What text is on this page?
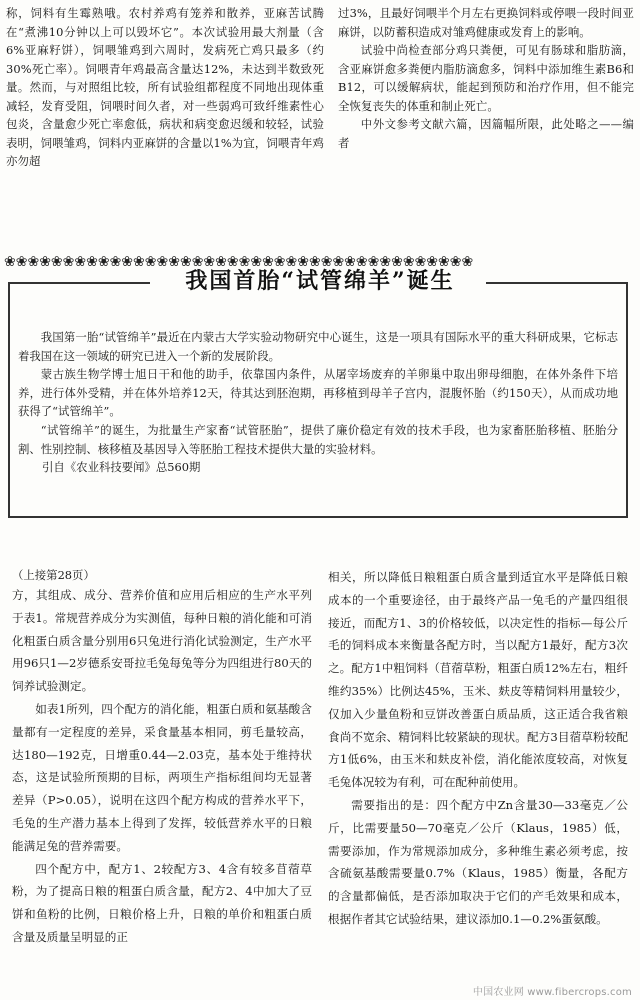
称，饲料有生霉熟哦。农村养鸡有笼养和散养，亚麻苦试腾在“煮沸10分钟以上可以毁坏它”。本次试验用最大剂量（含6%亚麻籽饼），饲喂雏鸡到六周时，发病死亡鸡只最多（约30%死亡率）。饲喂青年鸡最高含量达12%，未达到半数致死量。然而，与对照组比较，所有试验组都程度不同地出现体重减轻，发育受阻，饲喂时间久者，对一些弱鸡可致纤维素性心包炎，含量愈少死亡率愈低，病状和病变愈迟缓和较轻，试验表明，饲喂雏鸡，饲料内亚麻饼的含量以1%为宜，饲喂青年鸡亦勿超

过3%，且最好饲喂半个月左右更换饲料或停喂一段时间亚麻饼，以防蓄积造成对雏鸡健康或发育上的影响。

试验中尚检查部分鸡只粪便，可见有肠球和脂肪滴，含亚麻饼愈多粪便内脂肪滴愈多，饲料中添加维生素B6和B12，可以缓解病状，能起到预防和治疗作用，但不能完全恢复丧失的体重和制止死亡。

中外文参考文献六篇，因篇幅所限，此处略之——编者

❀❀❀❀❀❀❀❀❀❀❀❀❀❀❀❀❀❀❀❀❀❀❀❀❀❀❀❀❀❀❀❀❀❀❀❀❀❀❀❀
我国首胎“试管绵羊”诞生

我国第一胎“试管绵羊”最近在内蒙古大学实验动物研究中心诞生，这是一项具有国际水平的重大科研成果，它标志着我国在这一领域的研究已进入一个新的发展阶段。

蒙古族生物学博士旭日干和他的助手，依靠国内条件，从屠宰场废弃的羊卵巢中取出卵母细胞，在体外条件下培养，进行体外受精，并在体外培养12天，待其达到胚泡期，再移植到母羊子宫内，混腹怀胎（约150天），从而成功地获得了“试管绵羊”。

“试管绵羊”的诞生，为批量生产家畜“试管胚胎”，提供了廉价稳定有效的技术手段，也为家畜胚胎移植、胚胎分割、性别控制、核移植及基因导入等胚胎工程技术提供大量的实验材料。

引自《农业科技要闻》总560期

（上接第28页）

方，其组成、成分、营养价值和应用后相应的生产水平列于表1。常规营养成分为实测值，每种日粮的消化能和可消化粗蛋白质含量分别用6只兔进行消化试验测定，生产水平用96只1—2岁德系安哥拉毛兔每兔等分为四组进行80天的饲养试验测定。

如表1所列，四个配方的消化能，粗蛋白质和氨基酸含量都有一定程度的差异，采食量基本相同，剪毛量较高，达180—192克，日增重0.44—2.03克，基本处于维持状态，这是试验所预期的目标，两项生产指标组间均无显著差异（P>0.05），说明在这四个配方构成的营养水平下，毛兔的生产潜力基本上得到了发挥，较低营养水平的日粮能满足兔的营养需要。

四个配方中，配方1、2较配方3、4含有较多苜蓿草粉，为了提高日粮的粗蛋白质含量，配方2、4中加大了豆饼和鱼粉的比例，日粮价格上升，日粮的单价和粗蛋白质含量及质量呈明显的正

相关，所以降低日粮粗蛋白质含量到适宜水平是降低日粮成本的一个重要途径，由于最终产品一兔毛的产量四组很接近，而配方1、3的价格较低，以决定性的指标—每公斤毛的饲料成本来衡量各配方时，当以配方1最好，配方3次之。配方1中粗饲料（苜蓿草粉，粗蛋白质12%左右，粗纤维约35%）比例达45%，玉米、麸皮等精饲料用量较少，仅加入少量鱼粉和豆饼改善蛋白质品质，这正适合我省粮食尚不宽余、精饲料比较紧缺的现状。配方3目蓿草粉较配方1低6%，由玉米和麸皮补偿，消化能浓度较高，对恢复毛兔体况较为有利，可在配种前使用。

需要指出的是：四个配方中Zn含量30—33毫克／公斤，比需要量50—70毫克／公斤（Klaus，1985）低，需要添加，作为常规添加成分，多种维生素必须考虑，按含硫氨基酸需要量0.7%（Klaus，1985）衡量，各配方的含量都偏低，是否添加取决于它们的产毛效果和成本，根据作者其它试验结果，建议添加0.1—0.2%蛋氨酸。

中国农业网 www.fibercrops.com
